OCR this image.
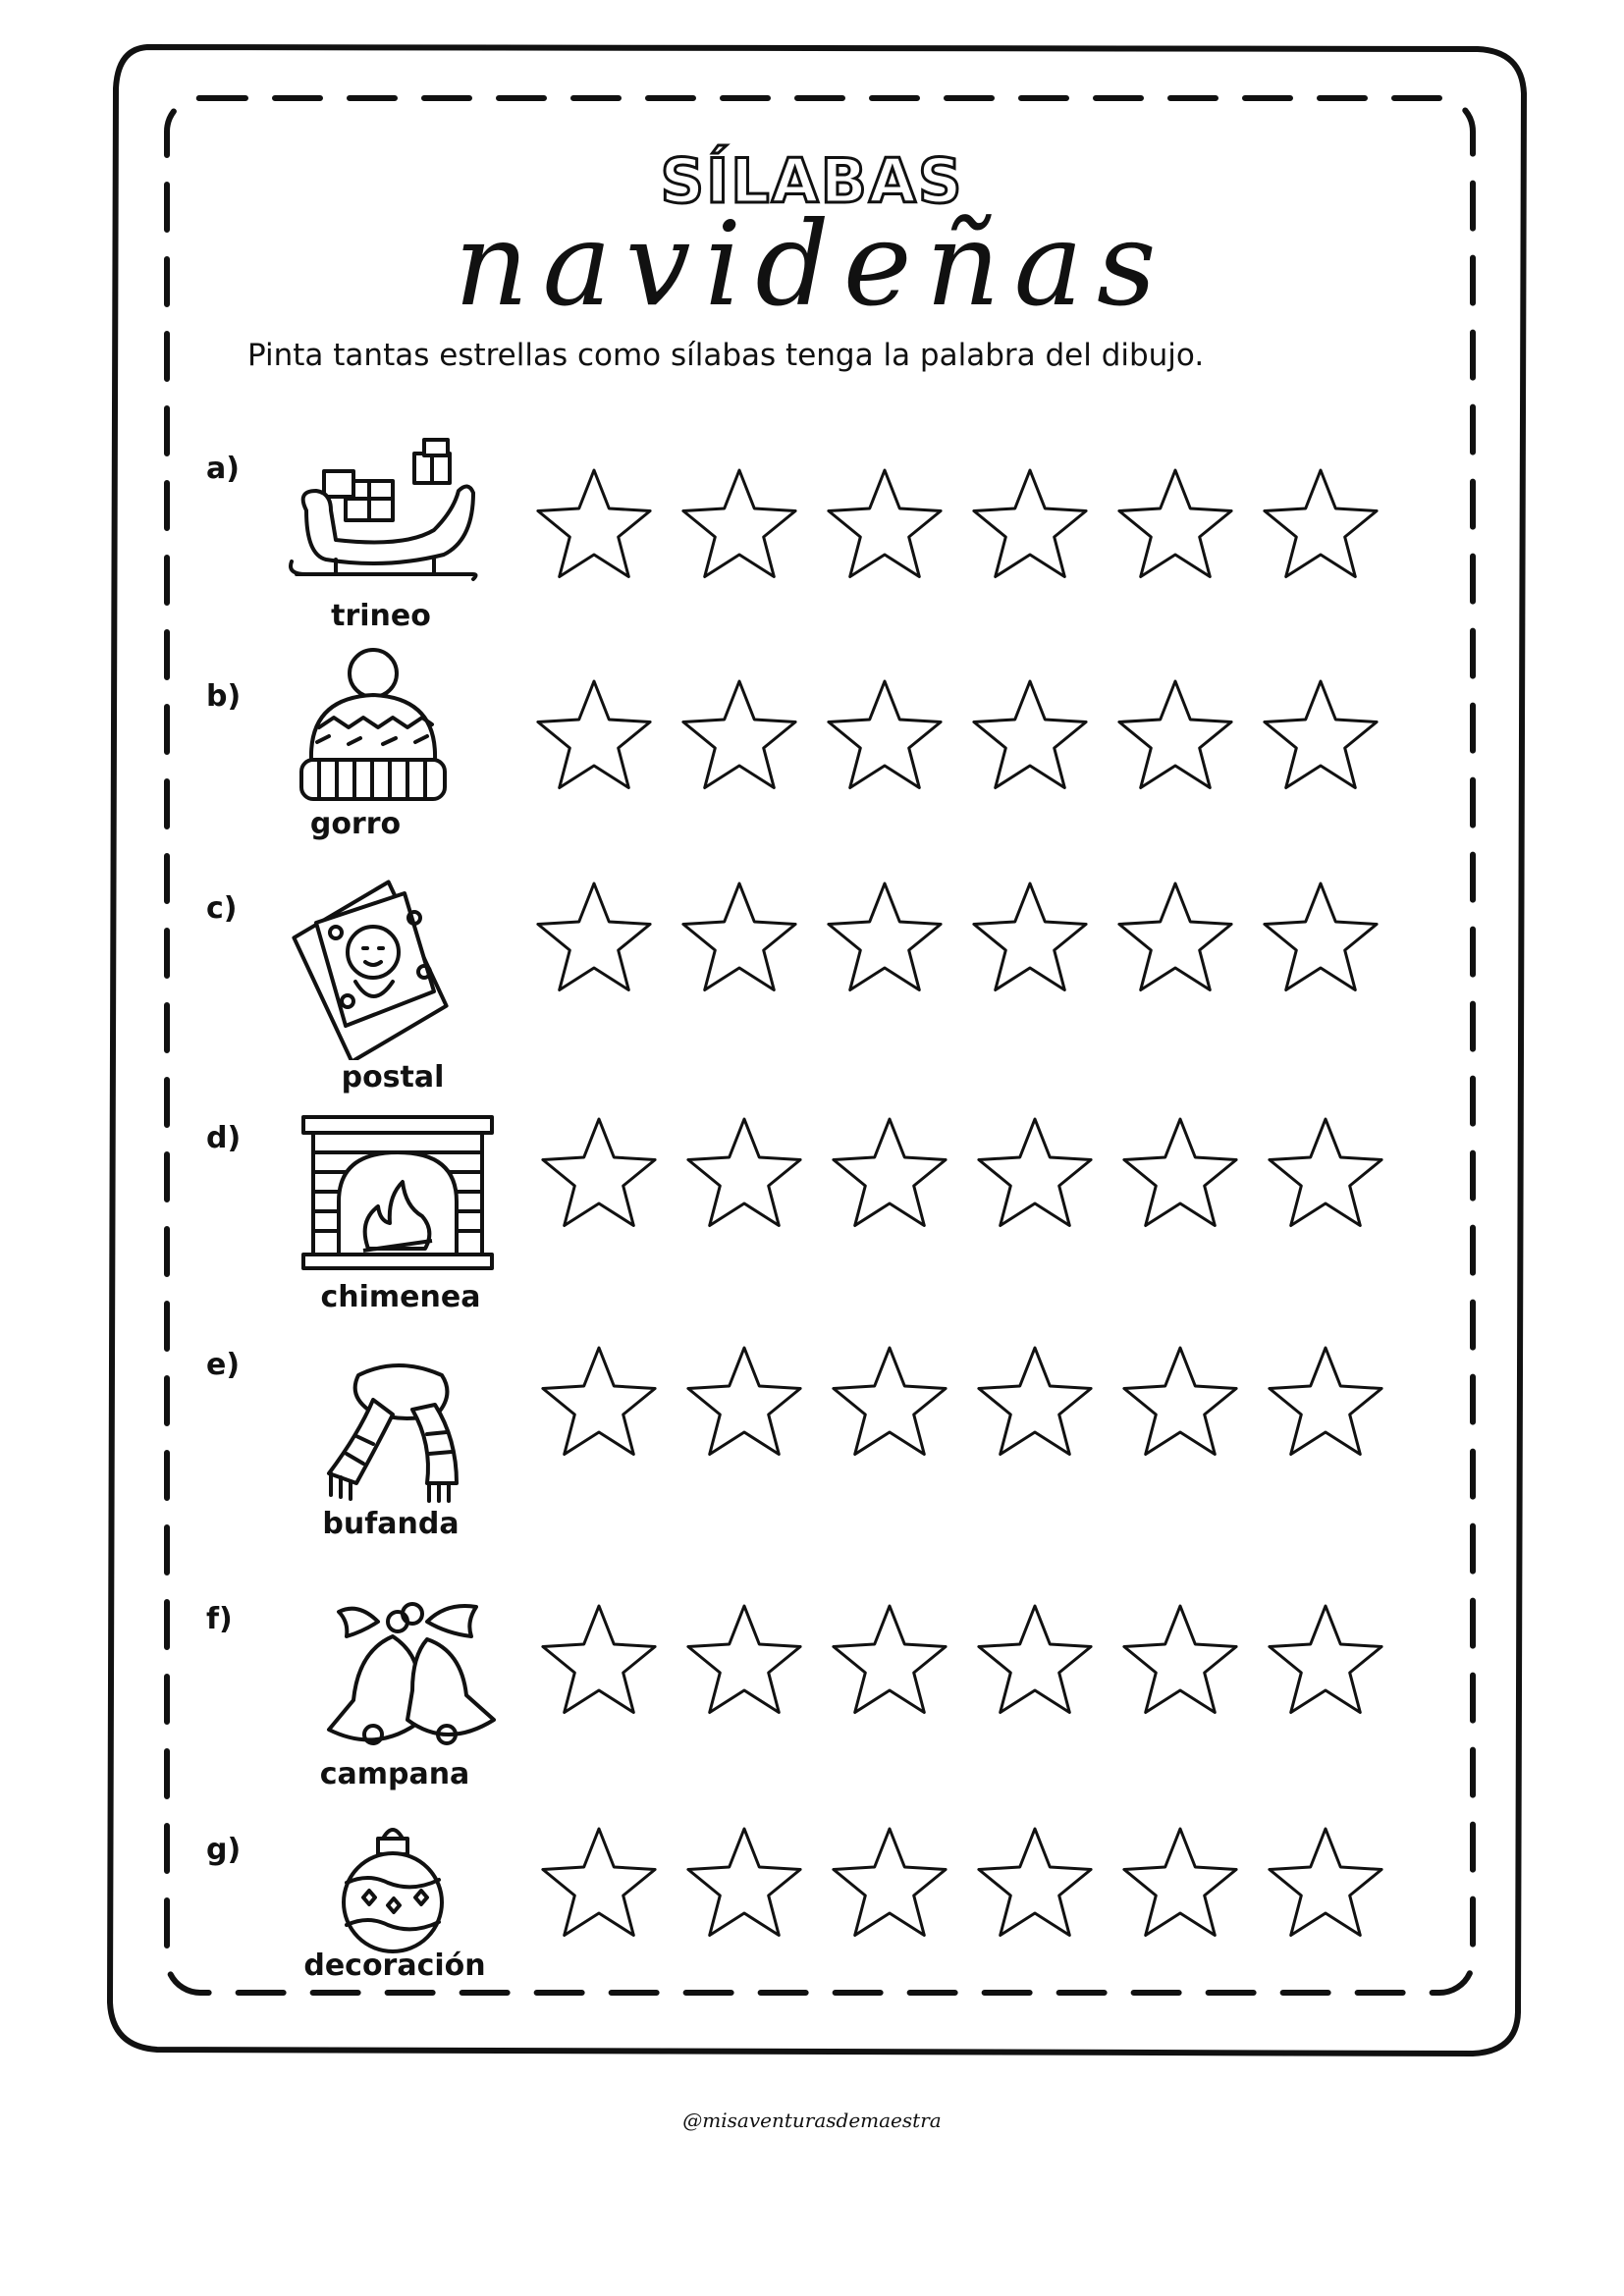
SÍLABAS
navideñas
Pinta tantas estrellas como sílabas tenga la palabra del dibujo.
a)
trineo
b)
gorro
c)
postal
d)
chimenea
e)
bufanda
f)
campana
g)
decoración
@misaventurasdemaestra
